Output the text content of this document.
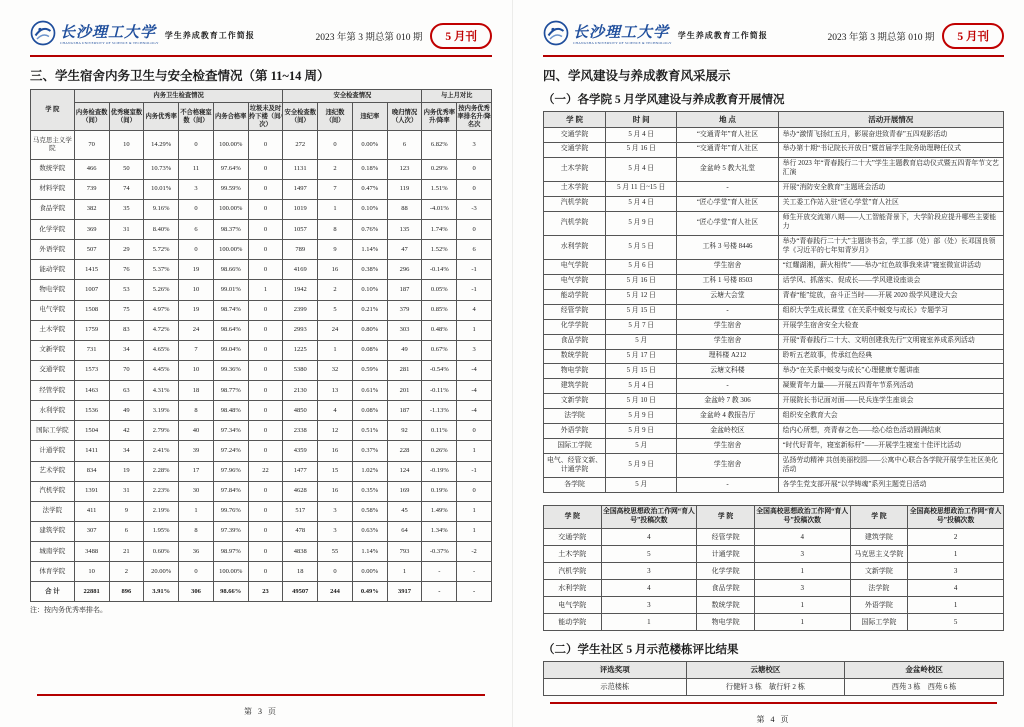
长沙理工大学
CHANGSHA UNIVERSITY OF SCIENCE & TECHNOLOGY
学生养成教育工作简报	2023 年第 3 期总第 010 期	5 月刊
三、学生宿舍内务卫生与安全检查情况（第 11~14 周）
学 院	内务卫生检查情况						安全检查情况				与上月对比	
	内务检查数（间）	优秀寝室数（间）	内务优秀率	不合格寝室数（间）	内务合格率	垃圾未及时拎下楼（间/次）	安全检查数（间）	违纪数（间）	违纪率	晚归情况（人次）	内务优秀率升/降率	按内务优秀率排名升/降名次
马克思主义学院	70	10	14.29%	0	100.00%	0	272	0	0.00%	6	6.82%	3
数统学院	466	50	10.73%	11	97.64%	0	1131	2	0.18%	123	0.29%	0
材料学院	739	74	10.01%	3	99.59%	0	1497	7	0.47%	119	1.51%	0
食品学院	382	35	9.16%	0	100.00%	0	1019	1	0.10%	88	-4.01%	-3
化学学院	369	31	8.40%	6	98.37%	0	1057	8	0.76%	135	1.74%	0
外语学院	507	29	5.72%	0	100.00%	0	789	9	1.14%	47	1.52%	6
能动学院	1415	76	5.37%	19	98.66%	0	4169	16	0.38%	296	-0.14%	-1
物电学院	1007	53	5.26%	10	99.01%	1	1942	2	0.10%	187	0.05%	-1
电气学院	1508	75	4.97%	19	98.74%	0	2399	5	0.21%	379	0.85%	4
土木学院	1759	83	4.72%	24	98.64%	0	2993	24	0.80%	303	0.48%	1
文新学院	731	34	4.65%	7	99.04%	0	1225	1	0.08%	49	0.67%	3
交通学院	1573	70	4.45%	10	99.36%	0	5380	32	0.59%	281	-0.54%	-4
经管学院	1463	63	4.31%	18	98.77%	0	2130	13	0.61%	201	-0.11%	-4
水利学院	1536	49	3.19%	8	98.48%	0	4850	4	0.08%	187	-1.13%	-4
国际工学院	1504	42	2.79%	40	97.34%	0	2338	12	0.51%	92	0.11%	0
计通学院	1411	34	2.41%	39	97.24%	0	4359	16	0.37%	228	0.26%	1
艺术学院	834	19	2.28%	17	97.96%	22	1477	15	1.02%	124	-0.19%	-1
汽机学院	1391	31	2.23%	30	97.84%	0	4628	16	0.35%	169	0.19%	0
法学院	411	9	2.19%	1	99.76%	0	517	3	0.58%	45	1.49%	1
建筑学院	307	6	1.95%	8	97.39%	0	478	3	0.63%	64	1.34%	1
城南学院	3488	21	0.60%	36	98.97%	0	4838	55	1.14%	793	-0.37%	-2
体育学院	10	2	20.00%	0	100.00%	0	18	0	0.00%	1	-	-
合 计	22881	896	3.91%	306	98.66%	23	49507	244	0.49%	3917	-	-
注：按内务优秀率排名。
第 3 页
长沙理工大学
CHANGSHA UNIVERSITY OF SCIENCE & TECHNOLOGY
学生养成教育工作简报	2023 年第 3 期总第 010 期	5 月刊
四、学风建设与养成教育风采展示
（一）各学院 5 月学风建设与养成教育开展情况
学 院	时 间	地 点	活动开展情况
交通学院	5 月 4 日	“交通青年”育人社区	举办“激情飞扬红五月，影展奋进致青春”五四观影活动
交通学院	5 月 16 日	“交通青年”育人社区	举办第十期“书记院长开放日”暨首届学生院务助理聘任仪式
土木学院	5 月 4 日	金盆岭 5 教大礼堂	举行 2023 年“青春践行二十大”学生主题教育启动仪式暨五四青年节文艺汇演
土木学院	5 月 11 日~15 日	-	开展“消防安全教育”主题班会活动
汽机学院	5 月 4 日	“匠心学堂”育人社区	关工委工作站入驻“匠心学堂”育人社区
汽机学院	5 月 9 日	“匠心学堂”育人社区	师生开放交流第八期——人工智能背景下，大学阶段应提升哪些主要能力
水利学院	5 月 5 日	工科 3 号楼 8446	举办“青春践行二十大”主题读书会，学工部（处）部（处）长邓国良领学《习近平的七年知青岁月》
电气学院	5 月 6 日	学生宿舍	“红耀湖湘，薪火相传”——举办“红色故事我来讲”寝室微宣讲活动
电气学院	5 月 16 日	工科 1 号楼 8503	话学风、抓落实、促成长——学风建设座谈会
能动学院	5 月 12 日	云塘大会堂	青春“能”绽放，奋斗正当时——开展 2020 级学风建设大会
经管学院	5 月 15 日	-	组织大学生成长课堂《在关系中蜕变与成长》专题学习
化学学院	5 月 7 日	学生宿舍	开展学生宿舍安全大检查
食品学院	5 月	学生宿舍	开展“青春践行二十大、文明创建我先行”文明寝室养成系列活动
数统学院	5 月 17 日	理科楼 A212	聆听五老故事，传承红色经典
物电学院	5 月 15 日	云塘文科楼	举办“在关系中蜕变与成长”心理健康专题讲座
建筑学院	5 月 4 日	-	凝聚青年力量——开展五四青年节系列活动
文新学院	5 月 10 日	金盆岭 7 教 306	开展院长书记面对面——民兵连学生座谈会
法学院	5 月 9 日	金盆岭 4 教报告厅	组织安全教育大会
外语学院	5 月 9 日	金盆岭校区	绘内心所想，亮青春之色——绘心绘色活动圆满结束
国际工学院	5 月	学生宿舍	“时代好青年，寝室新标杆”——开展学生寝室十佳评比活动
电气、经管文新、计通学院	5 月 9 日	学生宿舍	弘扬劳动精神 共创美丽校园——公寓中心联合各学院开展学生社区美化活动
各学院	5 月	-	各学生党支部开展“以学铸魂”系列主题党日活动
学 院	全国高校思想政治工作网“育人号”投稿次数	学 院	全国高校思想政治工作网“育人号”投稿次数	学 院	全国高校思想政治工作网“育人号”投稿次数
交通学院	4	经管学院	4	建筑学院	2
土木学院	5	计通学院	3	马克思主义学院	1
汽机学院	3	化学学院	1	文新学院	3
水利学院	4	食品学院	3	法学院	4
电气学院	3	数统学院	1	外语学院	1
能动学院	1	物电学院	1	国际工学院	5
（二）学生社区 5 月示范楼栋评比结果
评选奖项	云塘校区	金盆岭校区
示范楼栋	行健轩 3 栋　敏行轩 2 栋	西苑 3 栋　西苑 6 栋
第 4 页
